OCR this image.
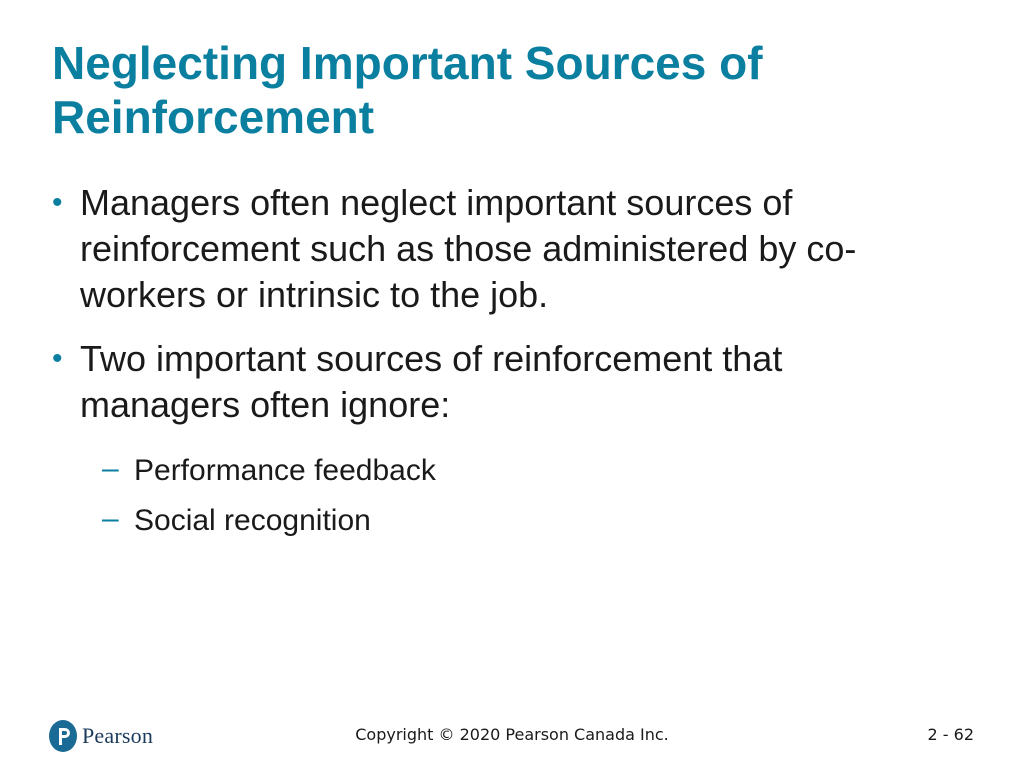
Neglecting Important Sources of Reinforcement
• Managers often neglect important sources of reinforcement such as those administered by co-workers or intrinsic to the job.
• Two important sources of reinforcement that managers often ignore:
– Performance feedback
– Social recognition
Pearson	Copyright © 2020 Pearson Canada Inc.	2 - 62
